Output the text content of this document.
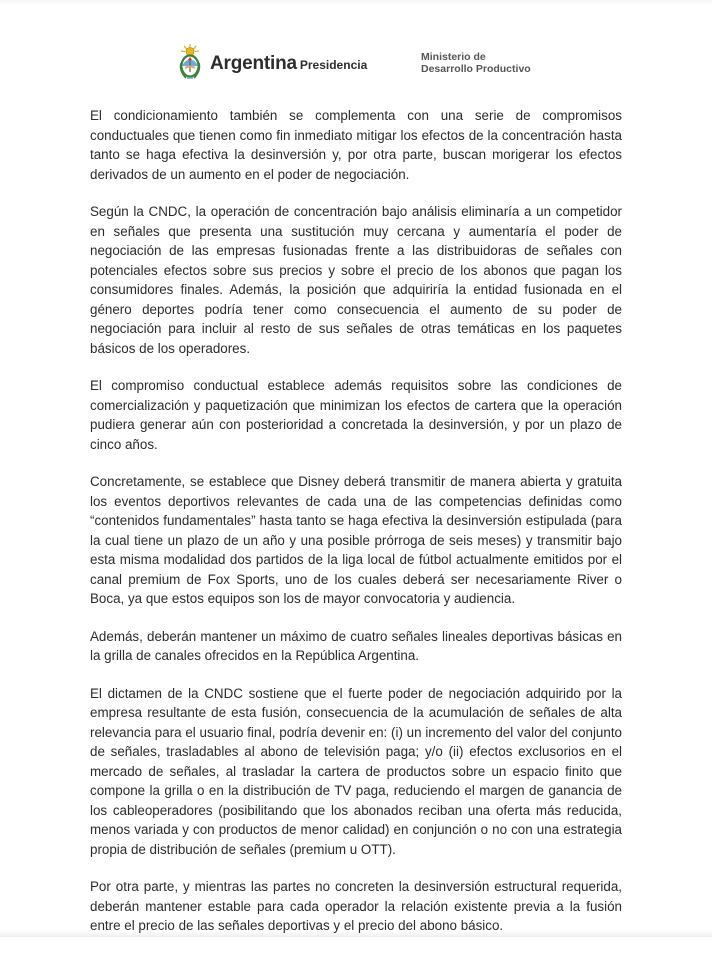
Argentina Presidencia
Ministerio de
Desarrollo Productivo

El condicionamiento también se complementa con una serie de compromisos conductuales que tienen como fin inmediato mitigar los efectos de la concentración hasta tanto se haga efectiva la desinversión y, por otra parte, buscan morigerar los efectos derivados de un aumento en el poder de negociación.

Según la CNDC, la operación de concentración bajo análisis eliminaría a un competidor en señales que presenta una sustitución muy cercana y aumentaría el poder de negociación de las empresas fusionadas frente a las distribuidoras de señales con potenciales efectos sobre sus precios y sobre el precio de los abonos que pagan los consumidores finales. Además, la posición que adquiriría la entidad fusionada en el género deportes podría tener como consecuencia el aumento de su poder de negociación para incluir al resto de sus señales de otras temáticas en los paquetes básicos de los operadores.

El compromiso conductual establece además requisitos sobre las condiciones de comercialización y paquetización que minimizan los efectos de cartera que la operación pudiera generar aún con posterioridad a concretada la desinversión, y por un plazo de cinco años.

Concretamente, se establece que Disney deberá transmitir de manera abierta y gratuita los eventos deportivos relevantes de cada una de las competencias definidas como “contenidos fundamentales” hasta tanto se haga efectiva la desinversión estipulada (para la cual tiene un plazo de un año y una posible prórroga de seis meses) y transmitir bajo esta misma modalidad dos partidos de la liga local de fútbol actualmente emitidos por el canal premium de Fox Sports, uno de los cuales deberá ser necesariamente River o Boca, ya que estos equipos son los de mayor convocatoria y audiencia.

Además, deberán mantener un máximo de cuatro señales lineales deportivas básicas en la grilla de canales ofrecidos en la República Argentina.

El dictamen de la CNDC sostiene que el fuerte poder de negociación adquirido por la empresa resultante de esta fusión, consecuencia de la acumulación de señales de alta relevancia para el usuario final, podría devenir en: (i) un incremento del valor del conjunto de señales, trasladables al abono de televisión paga; y/o (ii) efectos exclusorios en el mercado de señales, al trasladar la cartera de productos sobre un espacio finito que compone la grilla o en la distribución de TV paga, reduciendo el margen de ganancia de los cableoperadores (posibilitando que los abonados reciban una oferta más reducida, menos variada y con productos de menor calidad) en conjunción o no con una estrategia propia de distribución de señales (premium u OTT).

Por otra parte, y mientras las partes no concreten la desinversión estructural requerida, deberán mantener estable para cada operador la relación existente previa a la fusión entre el precio de las señales deportivas y el precio del abono básico.
